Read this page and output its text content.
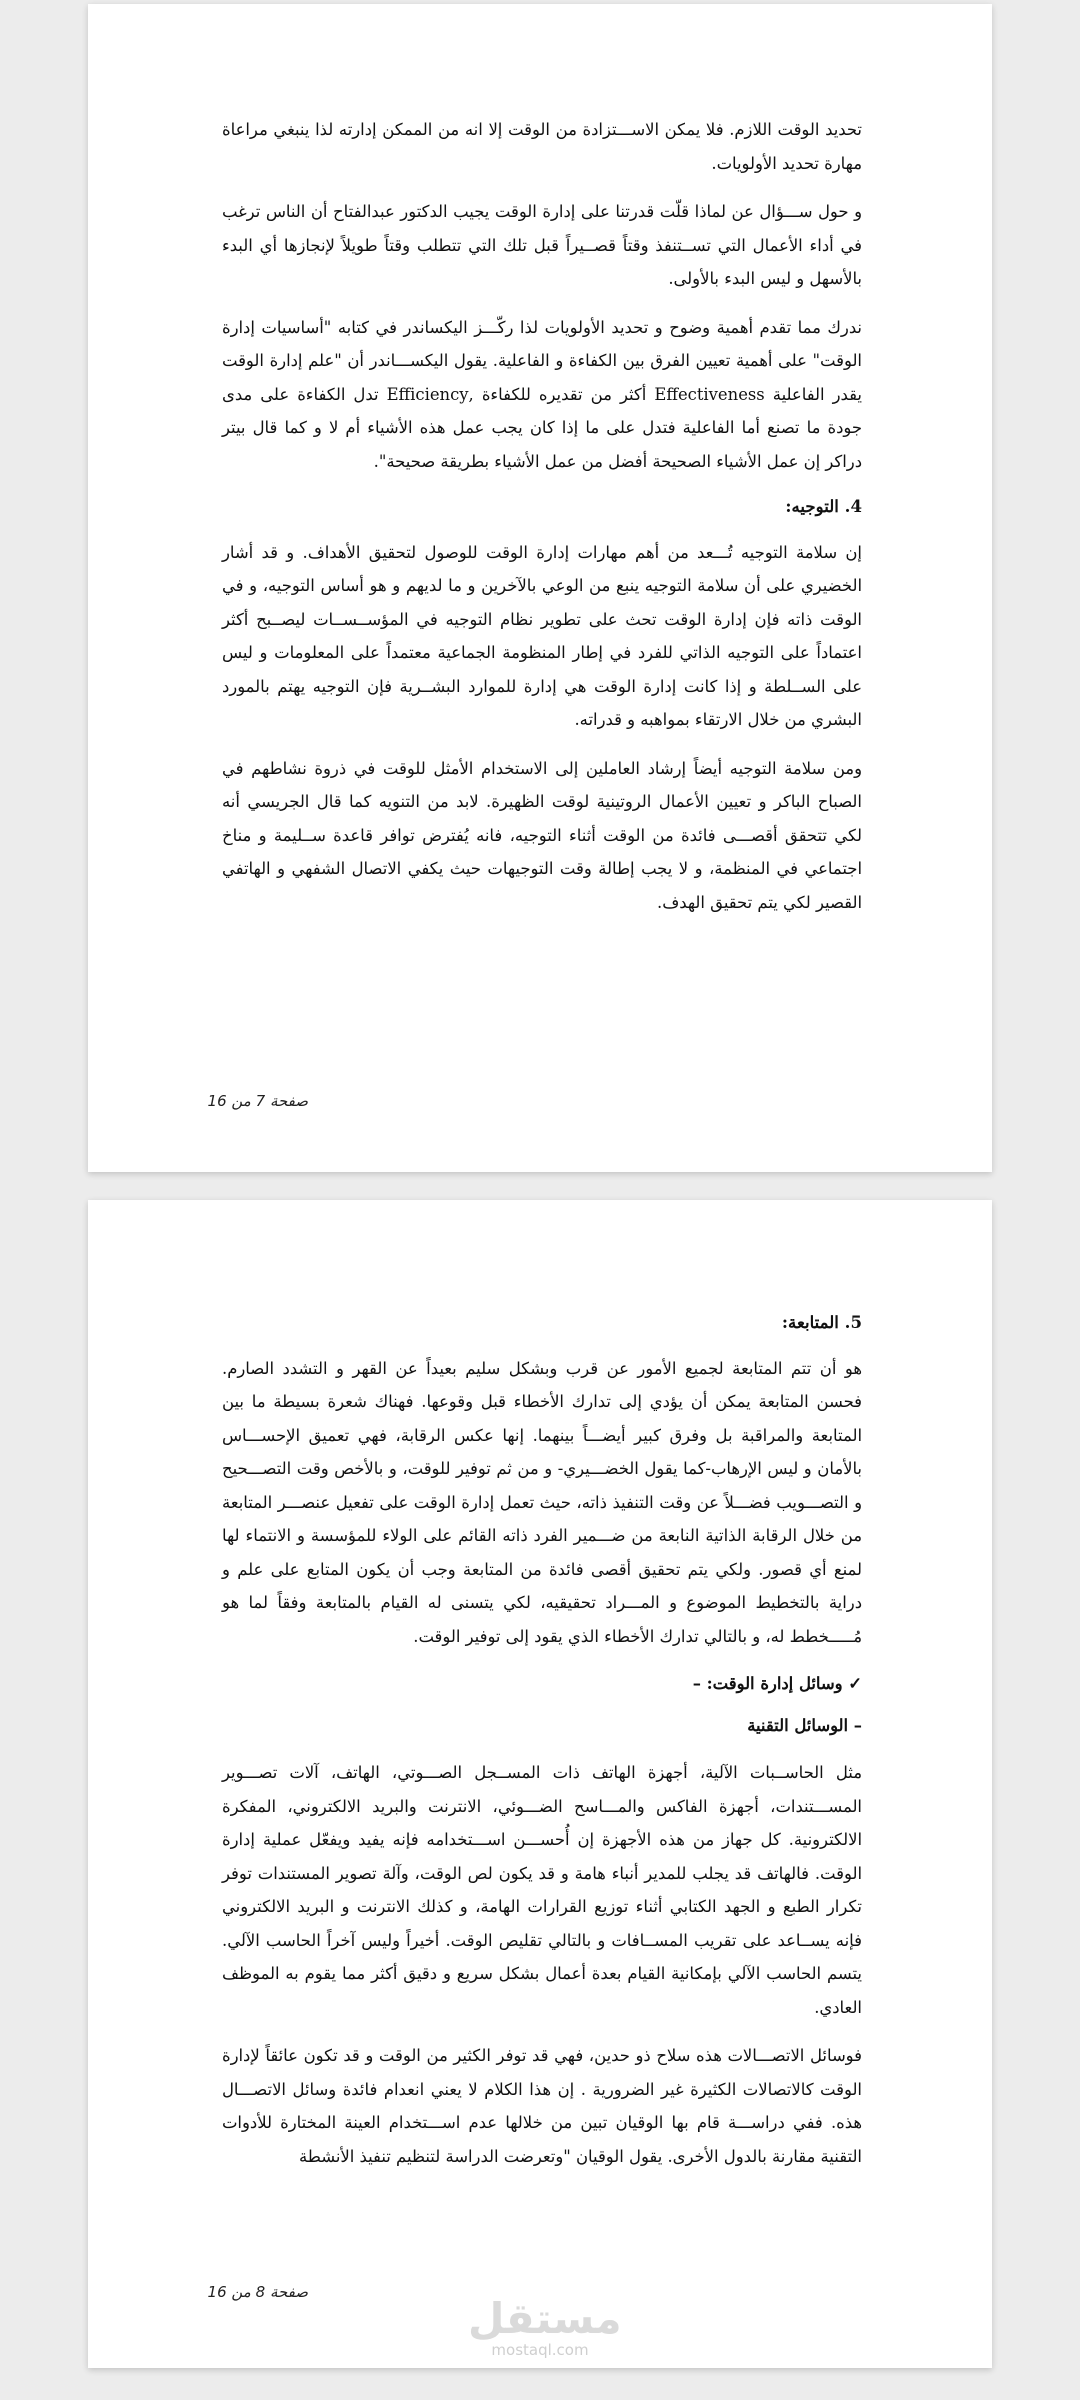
تحديد الوقت اللازم. فلا يمكن الاســـتزادة من الوقت إلا انه من الممكن إدارته لذا ينبغي مراعاة مهارة تحديد الأولويات.

و حول ســـؤال عن لماذا قلّت قدرتنا على إدارة الوقت يجيب الدكتور عبدالفتاح أن الناس ترغب في أداء الأعمال التي تســتنفذ وقتاً قصــيراً قبل تلك التي تتطلب وقتاً طويلاً لإنجازها أي البدء بالأسهل و ليس البدء بالأولى.

ندرك مما تقدم أهمية وضوح و تحديد الأولويات لذا ركّـــز اليكساندر في كتابه "أساسيات إدارة الوقت" على أهمية تعيين الفرق بين الكفاءة و الفاعلية. يقول اليكســـاندر أن "علم إدارة الوقت يقدر الفاعلية Effectiveness أكثر من تقديره للكفاءة ,Efficiency تدل الكفاءة على مدى جودة ما تصنع أما الفاعلية فتدل على ما إذا كان يجب عمل هذه الأشياء أم لا و كما قال بيتر دراكر إن عمل الأشياء الصحيحة أفضل من عمل الأشياء بطريقة صحيحة".

4. التوجيه:

إن سلامة التوجيه تُـــعد من أهم مهارات إدارة الوقت للوصول لتحقيق الأهداف. و قد أشار الخضيري على أن سلامة التوجيه ينبع من الوعي بالآخرين و ما لديهم و هو أساس التوجيه، و في الوقت ذاته فإن إدارة الوقت تحث على تطوير نظام التوجيه في المؤســســات ليصــبح أكثر اعتماداً على التوجيه الذاتي للفرد في إطار المنظومة الجماعية معتمداً على المعلومات و ليس على الســلطة و إذا كانت إدارة الوقت هي إدارة للموارد البشــرية فإن التوجيه يهتم بالمورد البشري من خلال الارتقاء بمواهبه و قدراته.

ومن سلامة التوجيه أيضاً إرشاد العاملين إلى الاستخدام الأمثل للوقت في ذروة نشاطهم في الصباح الباكر و تعيين الأعمال الروتينية لوقت الظهيرة. لابد من التنويه كما قال الجريسي أنه لكي تتحقق أقصـــى فائدة من الوقت أثناء التوجيه، فانه يُفترض توافر قاعدة ســليمة و مناخ اجتماعي في المنظمة، و لا يجب إطالة وقت التوجيهات حيث يكفي الاتصال الشفهي و الهاتفي القصير لكي يتم تحقيق الهدف.

صفحة 7 من 16

5. المتابعة:

هو أن تتم المتابعة لجميع الأمور عن قرب وبشكل سليم بعيداً عن القهر و التشدد الصارم. فحسن المتابعة يمكن أن يؤدي إلى تدارك الأخطاء قبل وقوعها. فهناك شعرة بسيطة ما بين المتابعة والمراقبة بل وفرق كبير أيضـــاً بينهما. إنها عكس الرقابة، فهي تعميق الإحســـاس بالأمان و ليس الإرهاب-كما يقول الخضـــيري- و من ثم توفير للوقت، و بالأخص وقت التصـــحيح و التصـــويب فضـــلاً عن وقت التنفيذ ذاته، حيث تعمل إدارة الوقت على تفعيل عنصـــر المتابعة من خلال الرقابة الذاتية النابعة من ضـــمير الفرد ذاته القائم على الولاء للمؤسسة و الانتماء لها لمنع أي قصور. ولكي يتم تحقيق أقصى فائدة من المتابعة وجب أن يكون المتابع على علم و دراية بالتخطيط الموضوع و المـــراد تحقيقيه، لكي يتسنى له القيام بالمتابعة وفقاً لما هو مُـــــخطط له، و بالتالي تدارك الأخطاء الذي يقود إلى توفير الوقت.

✓ وسائل إدارة الوقت: –

– الوسائل التقنية

مثل الحاســبات الآلية، أجهزة الهاتف ذات المســجل الصـــوتي، الهاتف، آلات تصـــوير المســـتندات، أجهزة الفاكس والمـــاسح الضـــوئي، الانترنت والبريد الالكتروني، المفكرة الالكترونية. كل جهاز من هذه الأجهزة إن أُحســـن اســـتخدامه فإنه يفيد ويفعّل عملية إدارة الوقت. فالهاتف قد يجلب للمدير أنباء هامة و قد يكون لص الوقت، وآلة تصوير المستندات توفر تكرار الطبع و الجهد الكتابي أثناء توزيع القرارات الهامة، و كذلك الانترنت و البريد الالكتروني فإنه يســاعد على تقريب المســافات و بالتالي تقليص الوقت. أخيراً وليس آخراً الحاسب الآلي. يتسم الحاسب الآلي بإمكانية القيام بعدة أعمال بشكل سريع و دقيق أكثر مما يقوم به الموظف العادي.

فوسائل الاتصـــالات هذه سلاح ذو حدين، فهي قد توفر الكثير من الوقت و قد تكون عائقاً لإدارة الوقت كالاتصالات الكثيرة غير الضرورية . إن هذا الكلام لا يعني انعدام فائدة وسائل الاتصـــال هذه. ففي دراســـة قام بها الوقيان تبين من خلالها عدم اســـتخدام العينة المختارة للأدوات التقنية مقارنة بالدول الأخرى. يقول الوقيان "وتعرضت الدراسة لتنظيم تنفيذ الأنشطة

صفحة 8 من 16
مستقل
mostaql.com
